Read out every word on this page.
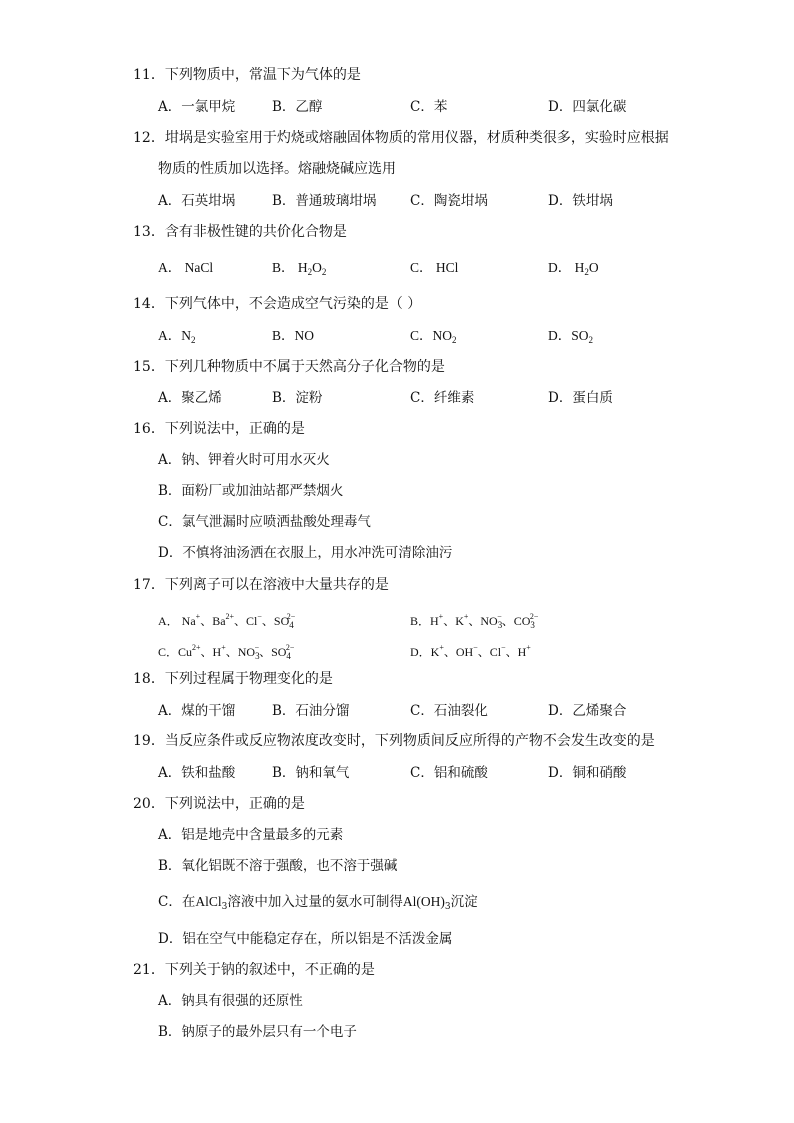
11．下列物质中，常温下为气体的是
A．一氯甲烷	B．乙醇	C．苯	D．四氯化碳
12．坩埚是实验室用于灼烧或熔融固体物质的常用仪器，材质种类很多，实验时应根据
物质的性质加以选择。熔融烧碱应选用
A．石英坩埚	B．普通玻璃坩埚 C．陶瓷坩埚	D．铁坩埚
13．含有非极性键的共价化合物是
A． NaCl	B． $H_2O_2$	C． HCl	D． $H_2O$
14．下列气体中，不会造成空气污染的是（ ）
A．$N_2$	B．NO	C．$NO_2$	D．$SO_2$
15．下列几种物质中不属于天然高分子化合物的是
A．聚乙烯	B．淀粉	C．纤维素	D．蛋白质
16．下列说法中，正确的是
A．钠、钾着火时可用水灭火
B．面粉厂或加油站都严禁烟火
C．氯气泄漏时应喷洒盐酸处理毒气
D．不慎将油汤洒在衣服上，用水冲洗可清除油污
17．下列离子可以在溶液中大量共存的是
A． Na+、$Ba^{2+}$、Cl−、$SO_4^{2-}$	B．H+、K+、$NO_3^-$、$CO_3^{2-}$
C．$Cu^{2+}$、H+、$NO_3^-$、$SO_4^{2-}$	D．K+、OH−、Cl−、H+
18．下列过程属于物理变化的是
A．煤的干馏	B．石油分馏	C．石油裂化	D．乙烯聚合
19．当反应条件或反应物浓度改变时，下列物质间反应所得的产物不会发生改变的是
A．铁和盐酸	B．钠和氧气	C．铝和硫酸	D．铜和硝酸
20．下列说法中，正确的是
A．铝是地壳中含量最多的元素
B．氧化铝既不溶于强酸，也不溶于强碱
C．在AlCl$_3$溶液中加入过量的氨水可制得$Al(OH)_3$沉淀
D．铝在空气中能稳定存在，所以铝是不活泼金属
21．下列关于钠的叙述中，不正确的是
A．钠具有很强的还原性
B．钠原子的最外层只有一个电子
